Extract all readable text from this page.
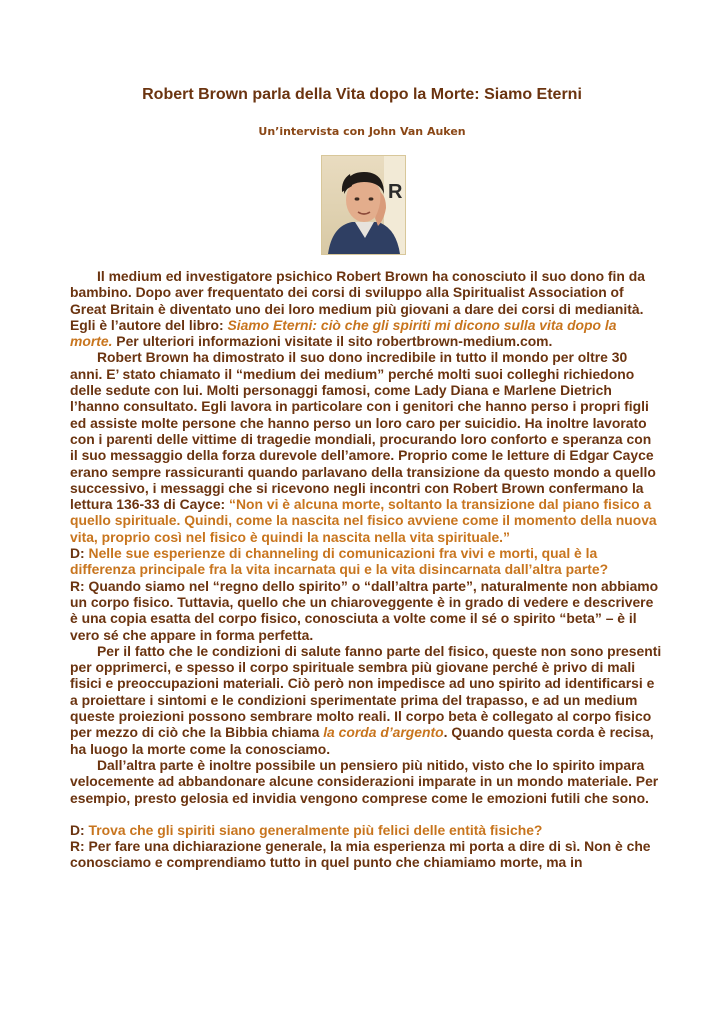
Robert Brown parla della Vita dopo la Morte: Siamo Eterni
Un’intervista con John Van Auken
R

Il medium ed investigatore psichico Robert Brown ha conosciuto il suo dono fin da bambino. Dopo aver frequentato dei corsi di sviluppo alla Spiritualist Association of Great Britain è diventato uno dei loro medium più giovani a dare dei corsi di medianità. Egli è l’autore del libro: Siamo Eterni: ciò che gli spiriti mi dicono sulla vita dopo la morte. Per ulteriori informazioni visitate il sito robertbrown-medium.com.

Robert Brown ha dimostrato il suo dono incredibile in tutto il mondo per oltre 30 anni. E’ stato chiamato il “medium dei medium” perché molti suoi colleghi richiedono delle sedute con lui. Molti personaggi famosi, come Lady Diana e Marlene Dietrich l’hanno consultato. Egli lavora in particolare con i genitori che hanno perso i propri figli ed assiste molte persone che hanno perso un loro caro per suicidio. Ha inoltre lavorato con i parenti delle vittime di tragedie mondiali, procurando loro conforto e speranza con il suo messaggio della forza durevole dell’amore. Proprio come le letture di Edgar Cayce erano sempre rassicuranti quando parlavano della transizione da questo mondo a quello successivo, i messaggi che si ricevono negli incontri con Robert Brown confermano la lettura 136-33 di Cayce: “Non vi è alcuna morte, soltanto la transizione dal piano fisico a quello spirituale. Quindi, come la nascita nel fisico avviene come il momento della nuova vita, proprio così nel fisico è quindi la nascita nella vita spirituale.”

D: Nelle sue esperienze di channeling di comunicazioni fra vivi e morti, qual è la differenza principale fra la vita incarnata qui e la vita disincarnata dall’altra parte?

R: Quando siamo nel “regno dello spirito” o “dall’altra parte”, naturalmente non abbiamo un corpo fisico. Tuttavia, quello che un chiaroveggente è in grado di vedere e descrivere è una copia esatta del corpo fisico, conosciuta a volte come il sé o spirito “beta” – è il vero sé che appare in forma perfetta.

Per il fatto che le condizioni di salute fanno parte del fisico, queste non sono presenti per opprimerci, e spesso il corpo spirituale sembra più giovane perché è privo di mali fisici e preoccupazioni materiali. Ciò però non impedisce ad uno spirito ad identificarsi e a proiettare i sintomi e le condizioni sperimentate prima del trapasso, e ad un medium queste proiezioni possono sembrare molto reali. Il corpo beta è collegato al corpo fisico per mezzo di ciò che la Bibbia chiama la corda d’argento. Quando questa corda è recisa, ha luogo la morte come la conosciamo.

Dall’altra parte è inoltre possibile un pensiero più nitido, visto che lo spirito impara velocemente ad abbandonare alcune considerazioni imparate in un mondo materiale. Per esempio, presto gelosia ed invidia vengono comprese come le emozioni futili che sono.

D: Trova che gli spiriti siano generalmente più felici delle entità fisiche?

R: Per fare una dichiarazione generale, la mia esperienza mi porta a dire di sì. Non è che conosciamo e comprendiamo tutto in quel punto che chiamiamo morte, ma in
